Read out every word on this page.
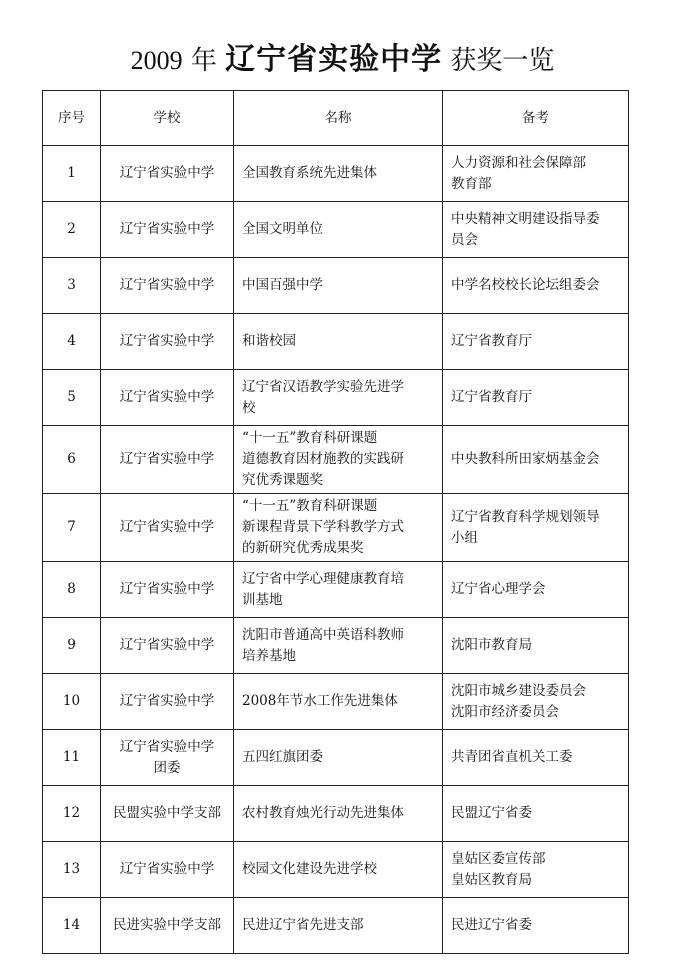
2009 年 辽宁省实验中学 获奖一览
序号	学校	名称	备考
1	辽宁省实验中学	全国教育系统先进集体	人力资源和社会保障部
教育部
2	辽宁省实验中学	全国文明单位	中央精神文明建设指导委
员会
3	辽宁省实验中学	中国百强中学	中学名校校长论坛组委会
4	辽宁省实验中学	和谐校园	辽宁省教育厅
5	辽宁省实验中学	辽宁省汉语教学实验先进学
校	辽宁省教育厅
6	辽宁省实验中学	“十一五”教育科研课题
道德教育因材施教的实践研
究优秀课题奖	中央教科所田家炳基金会
7	辽宁省实验中学	“十一五”教育科研课题
新课程背景下学科教学方式
的新研究优秀成果奖	辽宁省教育科学规划领导
小组
8	辽宁省实验中学	辽宁省中学心理健康教育培
训基地	辽宁省心理学会
9	辽宁省实验中学	沈阳市普通高中英语科教师
培养基地	沈阳市教育局
10	辽宁省实验中学	2008年节水工作先进集体	沈阳市城乡建设委员会
沈阳市经济委员会
11	辽宁省实验中学
团委	五四红旗团委	共青团省直机关工委
12	民盟实验中学支部	农村教育烛光行动先进集体	民盟辽宁省委
13	辽宁省实验中学	校园文化建设先进学校	皇姑区委宣传部
皇姑区教育局
14	民进实验中学支部	民进辽宁省先进支部	民进辽宁省委
